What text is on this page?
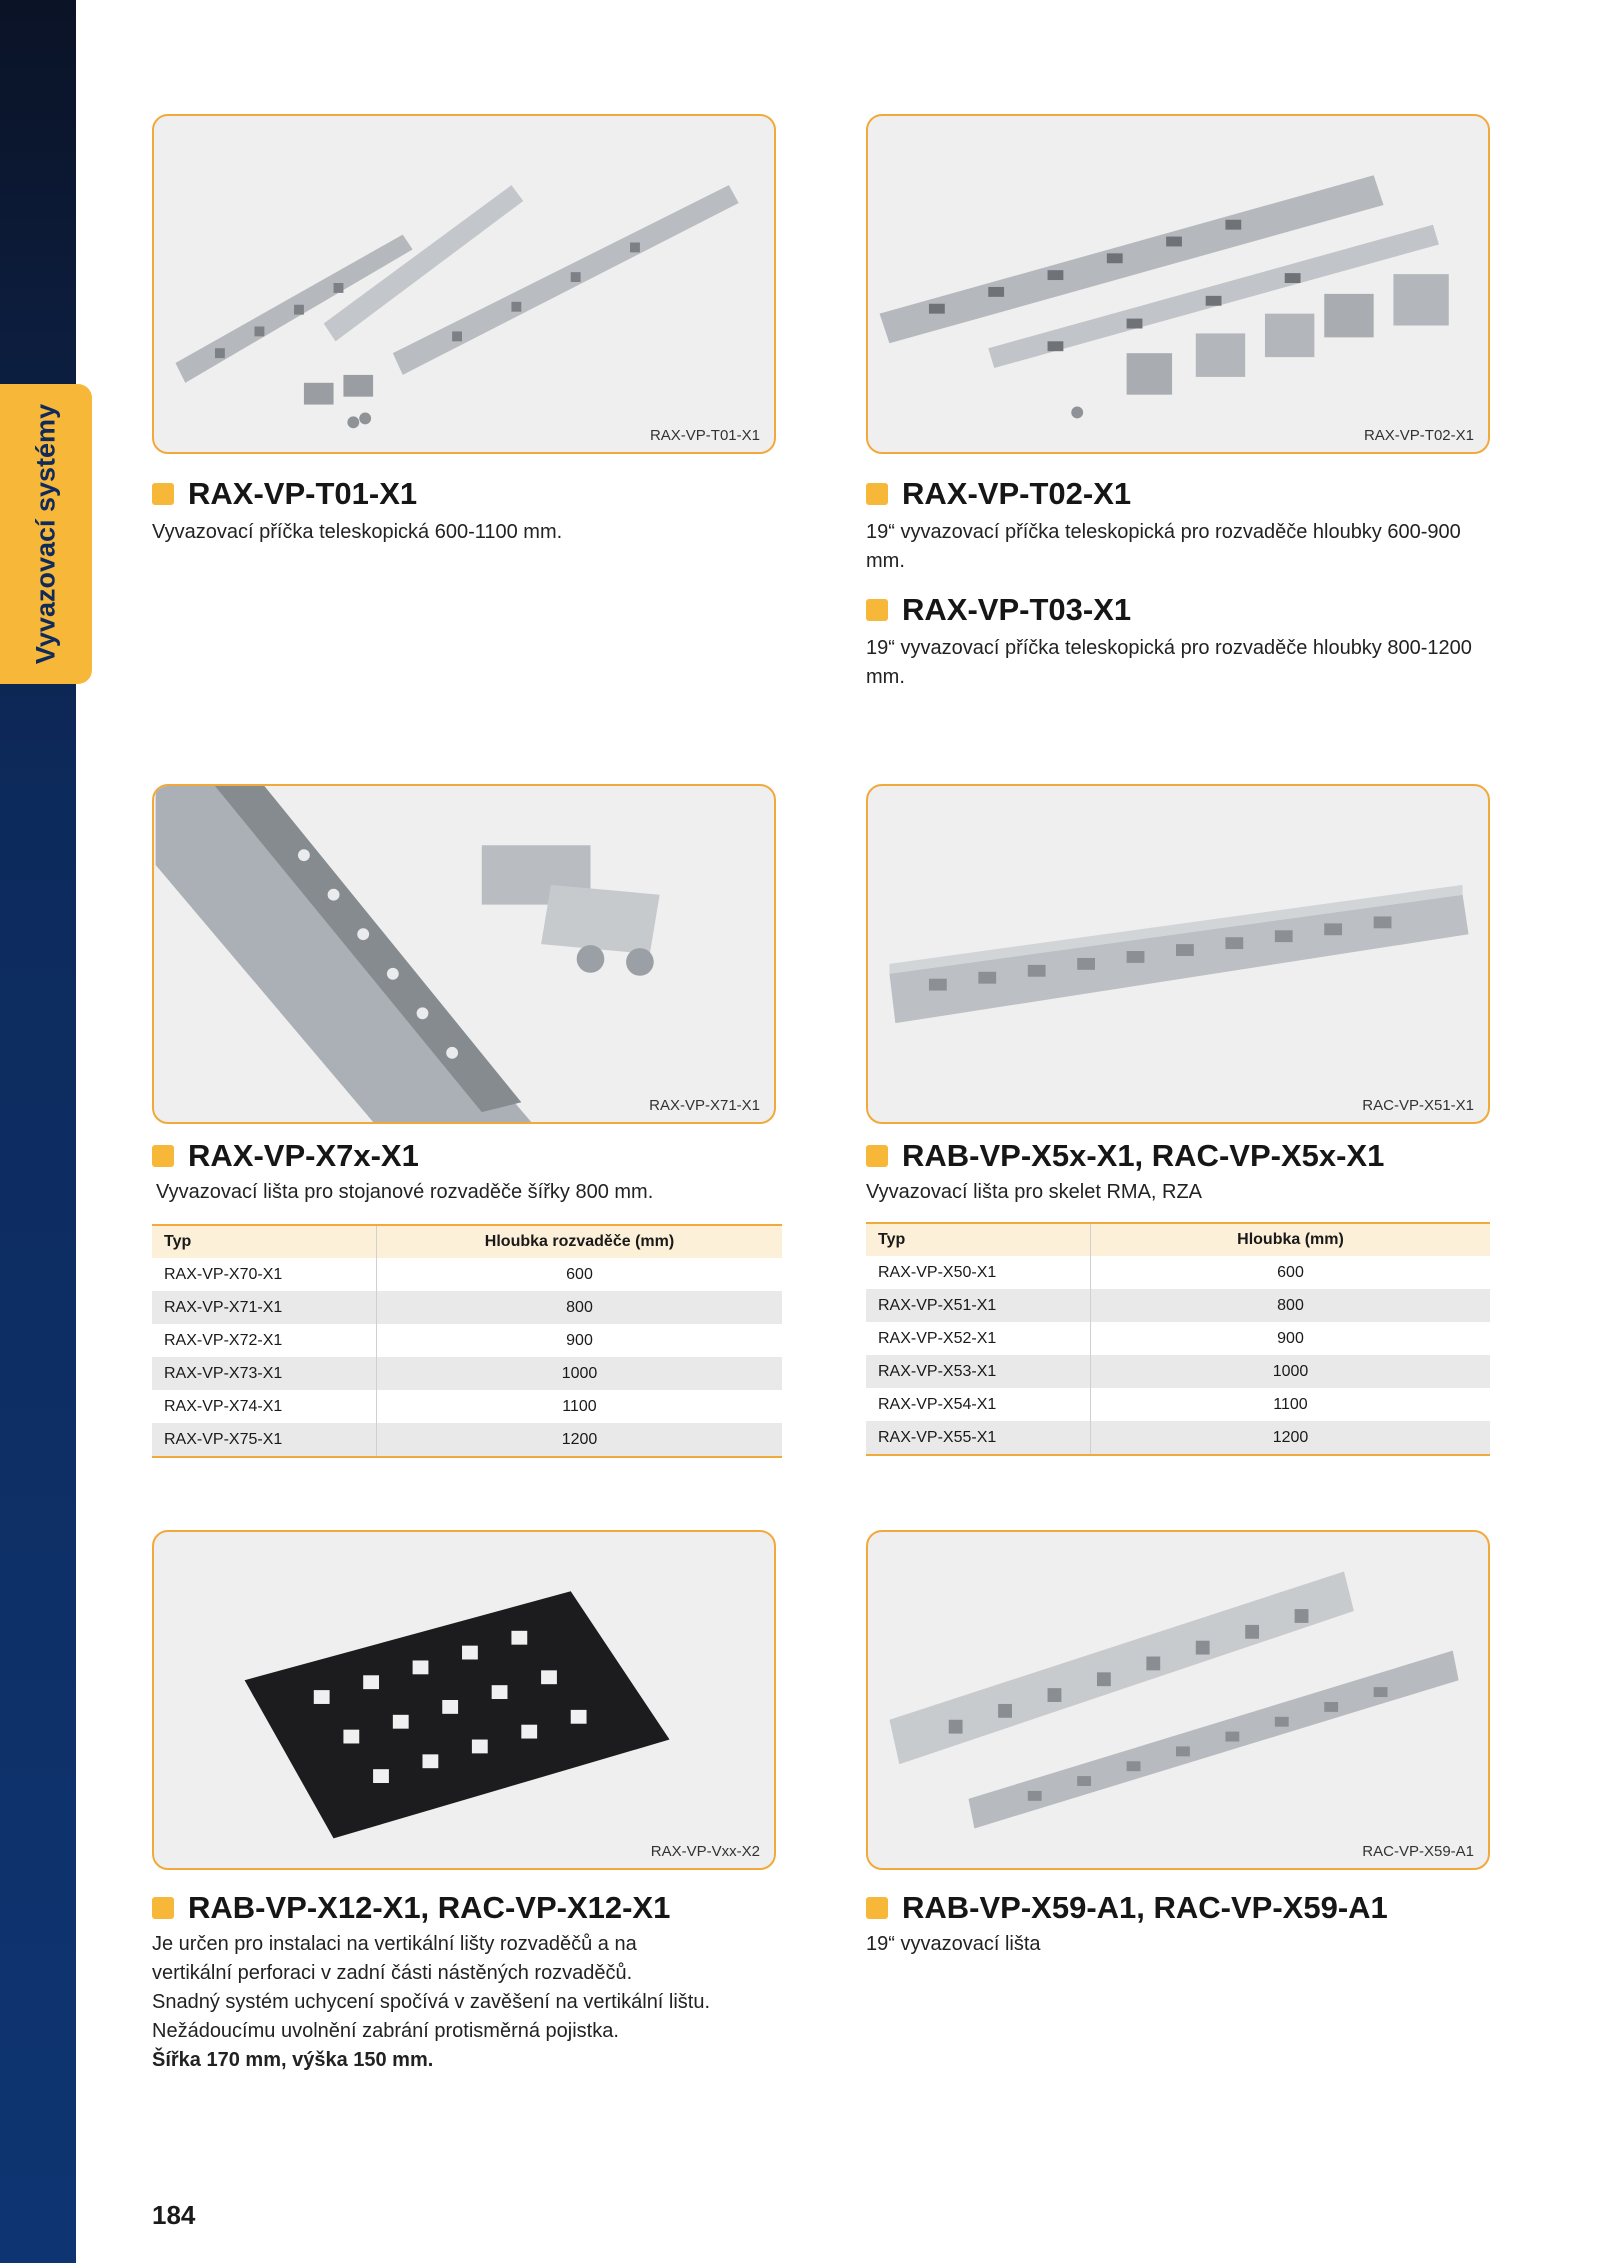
Vyvazovací systémy	RAX-VP-T01-X1
RAX-VP-T01-X1
Vyvazovací příčka teleskopická 600-1100 mm.
RAX-VP-T02-X1
RAX-VP-T02-X1
19“ vyvazovací příčka teleskopická pro rozvaděče hloubky 600-900 mm.
RAX-VP-T03-X1
19“ vyvazovací příčka teleskopická pro rozvaděče hloubky 800-1200 mm.
RAX-VP-X71-X1
RAX-VP-X7x-X1
Vyvazovací lišta pro stojanové rozvaděče šířky 800 mm.
Typ	Hloubka rozvaděče (mm)
RAX-VP-X70-X1	600
RAX-VP-X71-X1	800
RAX-VP-X72-X1	900
RAX-VP-X73-X1	1000
RAX-VP-X74-X1	1100
RAX-VP-X75-X1	1200
RAC-VP-X51-X1
RAB-VP-X5x-X1, RAC-VP-X5x-X1
Vyvazovací lišta pro skelet RMA, RZA
Typ	Hloubka (mm)
RAX-VP-X50-X1	600
RAX-VP-X51-X1	800
RAX-VP-X52-X1	900
RAX-VP-X53-X1	1000
RAX-VP-X54-X1	1100
RAX-VP-X55-X1	1200
RAX-VP-Vxx-X2
RAB-VP-X12-X1, RAC-VP-X12-X1
Je určen pro instalaci na vertikální lišty rozvaděčů a na
vertikální perforaci v zadní části nástěných rozvaděčů.
Snadný systém uchycení spočívá v zavěšení na vertikální lištu.
Nežádoucímu uvolnění zabrání protisměrná pojistka.
Šířka 170 mm, výška 150 mm.
RAC-VP-X59-A1
RAB-VP-X59-A1, RAC-VP-X59-A1
19“ vyvazovací lišta
184
